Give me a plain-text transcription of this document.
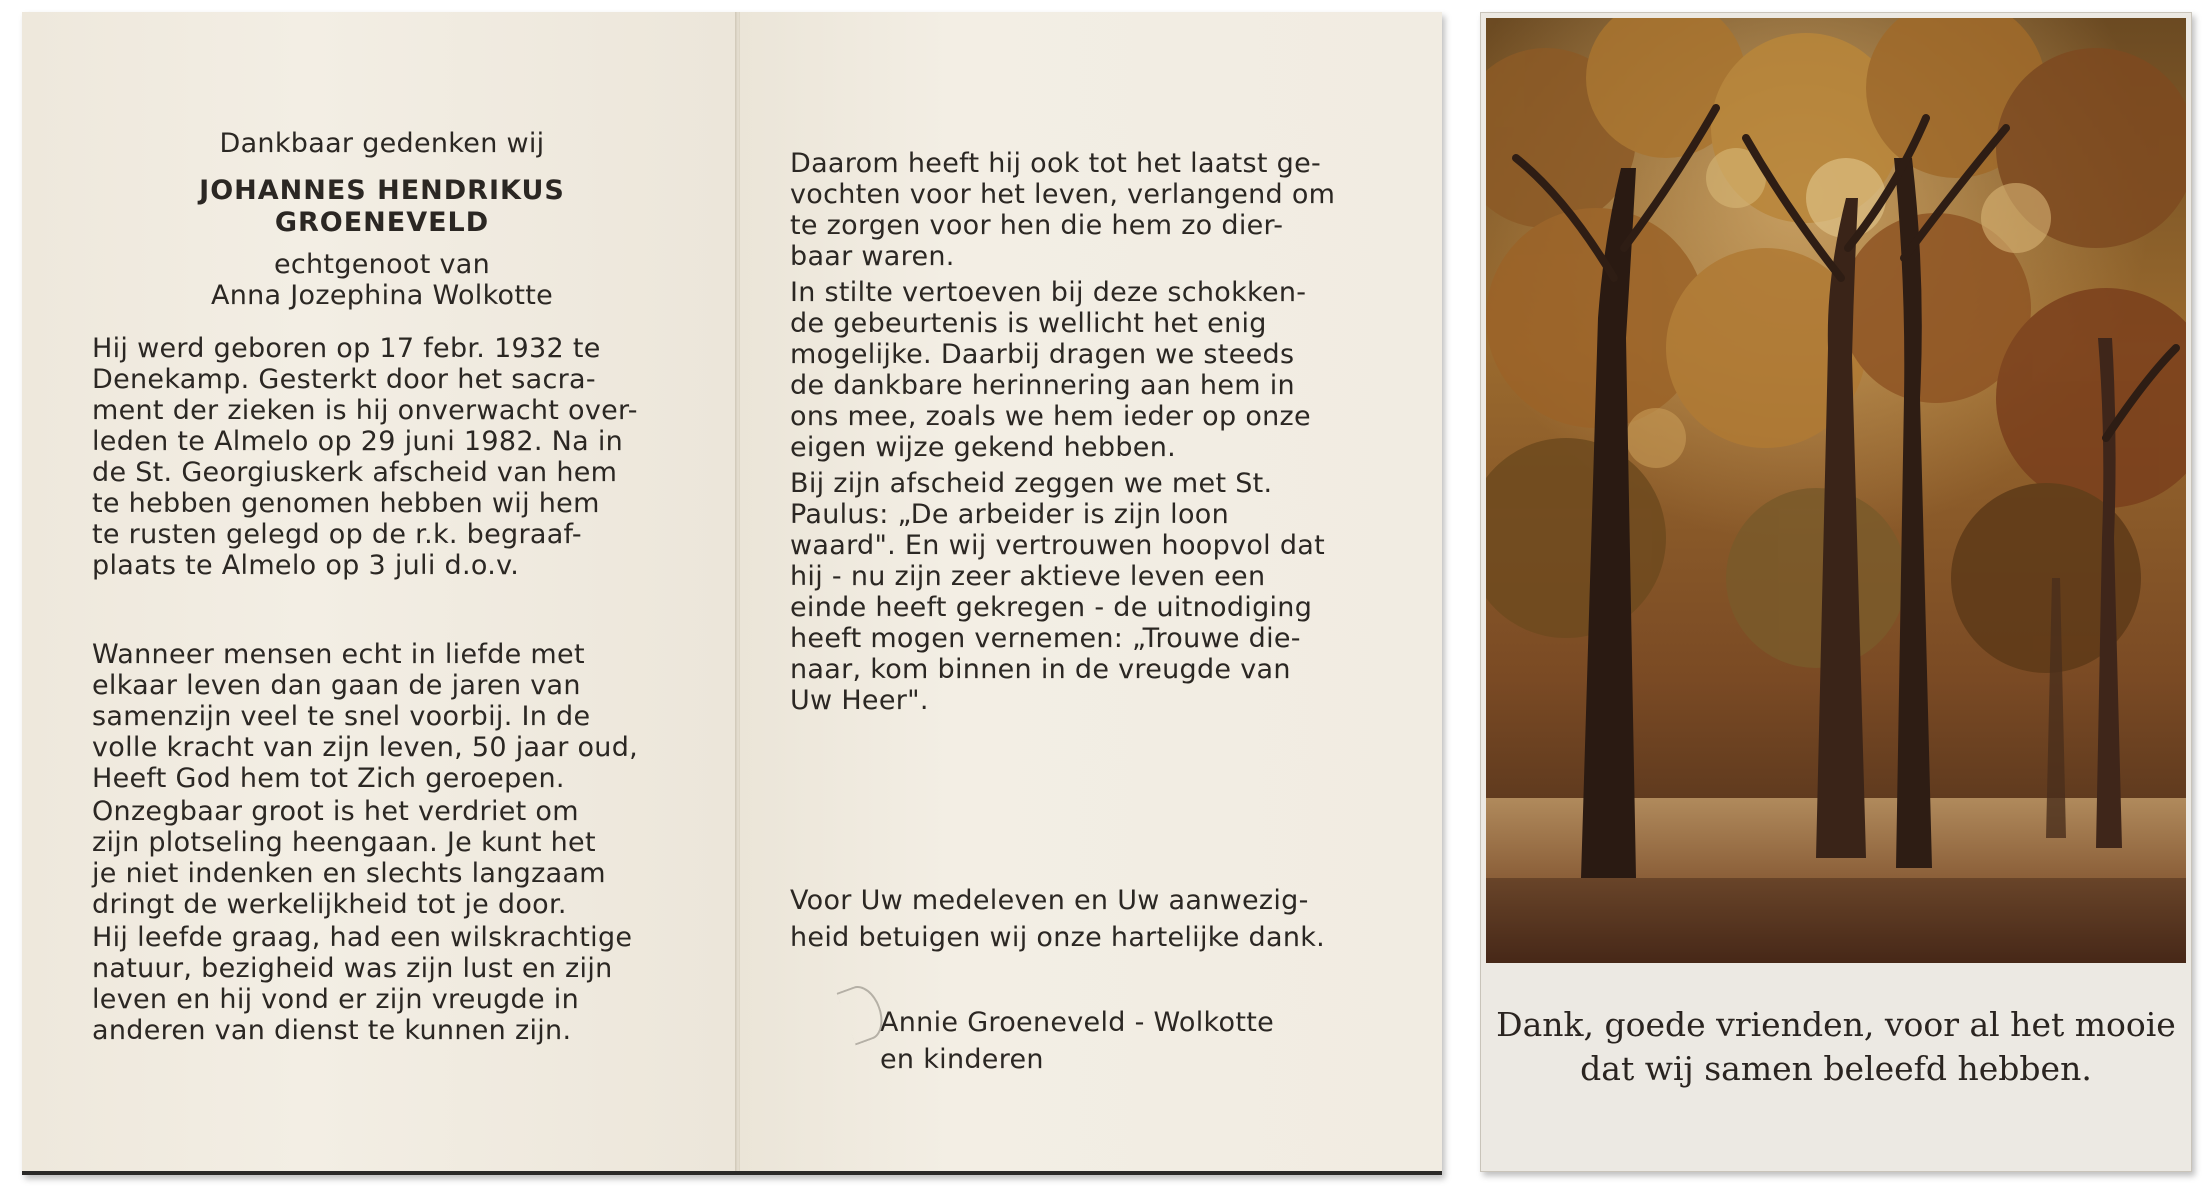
Dankbaar gedenken wij
JOHANNES HENDRIKUS
GROENEVELD
echtgenoot van
Anna Jozephina Wolkotte
Hij werd geboren op 17 febr. 1932 te
Denekamp. Gesterkt door het sacra-
ment der zieken is hij onverwacht over-
leden te Almelo op 29 juni 1982. Na in
de St. Georgiuskerk afscheid van hem
te hebben genomen hebben wij hem
te rusten gelegd op de r.k. begraaf-
plaats te Almelo op 3 juli d.o.v.
Wanneer mensen echt in liefde met
elkaar leven dan gaan de jaren van
samenzijn veel te snel voorbij. In de
volle kracht van zijn leven, 50 jaar oud,
Heeft God hem tot Zich geroepen.
Onzegbaar groot is het verdriet om
zijn plotseling heengaan. Je kunt het
je niet indenken en slechts langzaam
dringt de werkelijkheid tot je door.
Hij leefde graag, had een wilskrachtige
natuur, bezigheid was zijn lust en zijn
leven en hij vond er zijn vreugde in
anderen van dienst te kunnen zijn.
Daarom heeft hij ook tot het laatst ge-
vochten voor het leven, verlangend om
te zorgen voor hen die hem zo dier-
baar waren.
In stilte vertoeven bij deze schokken-
de gebeurtenis is wellicht het enig
mogelijke. Daarbij dragen we steeds
de dankbare herinnering aan hem in
ons mee, zoals we hem ieder op onze
eigen wijze gekend hebben.
Bij zijn afscheid zeggen we met St.
Paulus: „De arbeider is zijn loon
waard". En wij vertrouwen hoopvol dat
hij - nu zijn zeer aktieve leven een
einde heeft gekregen - de uitnodiging
heeft mogen vernemen: „Trouwe die-
naar, kom binnen in de vreugde van
Uw Heer".
Voor Uw medeleven en Uw aanwezig-
heid betuigen wij onze hartelijke dank.
Annie Groeneveld - Wolkotte
en kinderen
Dank, goede vrienden, voor al het mooie
dat wij samen beleefd hebben.
